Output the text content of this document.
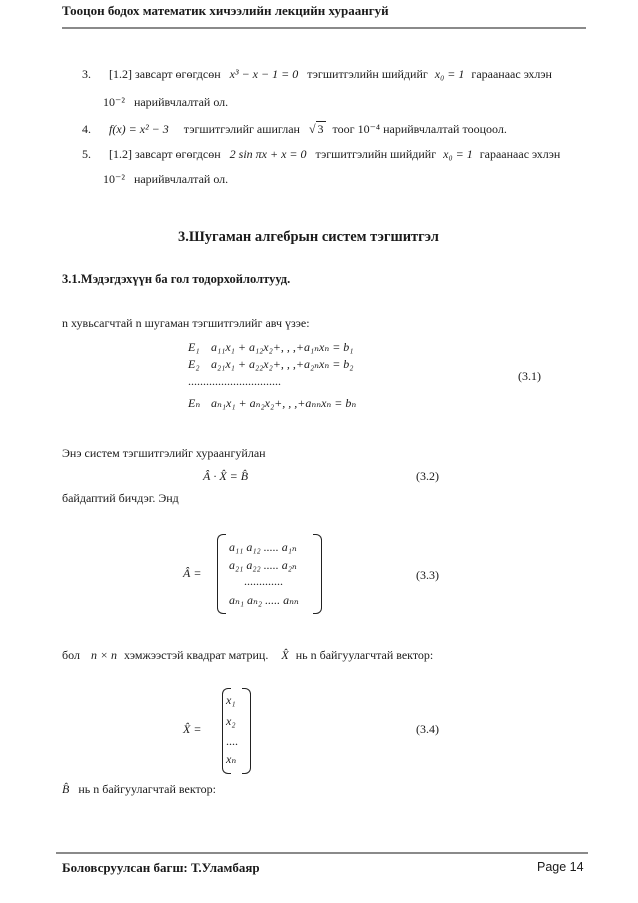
Тооцон бодох математик хичээлийн лекцийн хураангуй
3. [1.2] завсарт өгөгдсөн x³ − x − 1 = 0 тэгшитгэлийн шийдийг x₀ = 1 гараанаас эхлэн
10⁻² нарийвчлалтай ол.
4. f(x) = x² − 3 тэгшитгэлийг ашиглан √ 3 тоог 10⁻⁴ нарийвчлалтай тооцоол.
5. [1.2] завсарт өгөгдсөн 2 sin πx + x = 0 тэгшитгэлийн шийдийг x₀ = 1 гараанаас эхлэн
10⁻² нарийвчлалтай ол.
3.Шугаман алгебрын систем тэгшитгэл
3.1.Мэдэгдэхүүн ба гол тодорхойлолтууд.
n хувьсагчтай n шугаман тэгшитгэлийг авч үзэе:
E₁ a₁₁x₁ + a₁₂x₂+, , ,+a₁ₙxₙ = b₁
E₂ a₂₁x₁ + a₂₂x₂+, , ,+a₂ₙxₙ = b₂
...............................
Eₙ aₙ₁x₁ + aₙ₂x₂+, , ,+aₙₙxₙ = bₙ
(3.1)
Энэ систем тэгшитгэлийг хураангуйлан
Â · X̂ = B̂	(3.2)
байдаптий бичдэг. Энд
Â =
a₁₁ a₁₂ ..... a₁ₙ
a₂₁ a₂₂ ..... a₂ₙ
.............
aₙ₁ aₙ₂ ..... aₙₙ
(3.3)
бол n × n хэмжээстэй квадрат матриц. X̂ нь n байгуулагчтай вектор:
X̂ =
x₁
x₂
....
xₙ
(3.4)
B̂ нь n байгуулагчтай вектор:
Боловсруулсан багш: Т.Уламбаяр	Page 14
